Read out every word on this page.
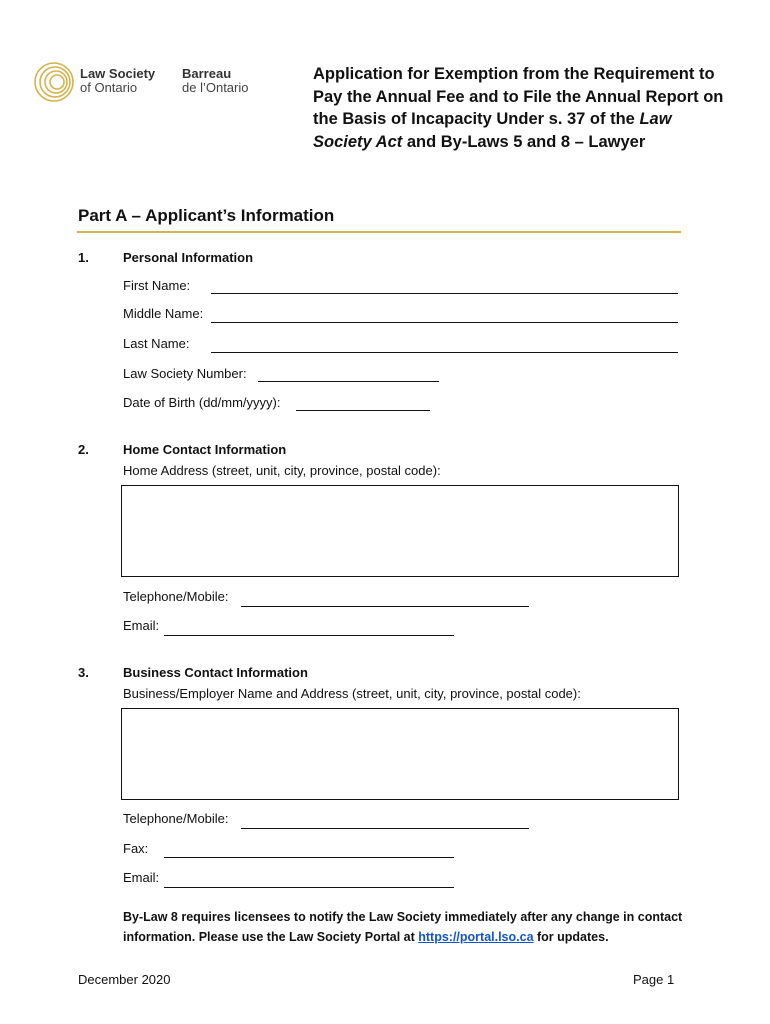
Law Society
of Ontario
Barreau
de l’Ontario
Application for Exemption from the Requirement to Pay the Annual Fee and to File the Annual Report on the Basis of Incapacity Under s. 37 of the Law Society Act and By-Laws 5 and 8 – Lawyer
Part A – Applicant’s Information
1.	Personal Information
First Name:
Middle Name:
Last Name:
Law Society Number:
Date of Birth (dd/mm/yyyy):
2.	Home Contact Information
Home Address (street, unit, city, province, postal code):
Telephone/Mobile:
Email:
3.	Business Contact Information
Business/Employer Name and Address (street, unit, city, province, postal code):
Telephone/Mobile:
Fax:
Email:
By-Law 8 requires licensees to notify the Law Society immediately after any change in contact information. Please use the Law Society Portal at https://portal.lso.ca for updates.
December 2020	Page 1
